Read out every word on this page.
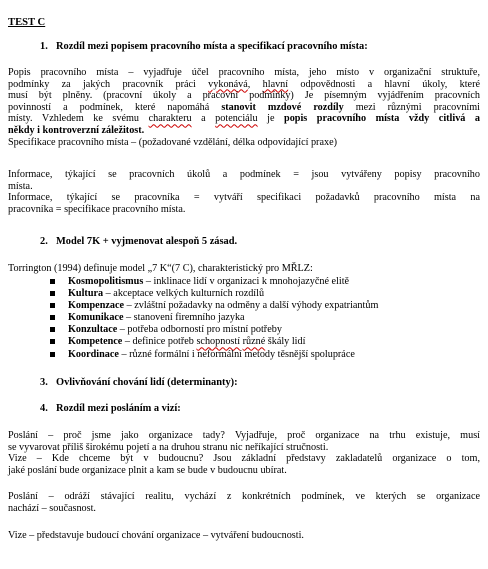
TEST C
1. Rozdíl mezi popisem pracovního místa a specifikací pracovního místa:
Popis pracovního místa – vyjadřuje účel pracovního místa, jeho místo v organizační struktuře,
podmínky za jakých pracovník práci vykonává, hlavní odpovědnosti a hlavní úkoly, které
musí být plněny. (pracovní úkoly a pracovní podmínky) Je písemným vyjádřením pracovních
povinností a podmínek, které napomáhá stanovit mzdové rozdíly mezi různými pracovními
místy. Vzhledem ke svému charakteru a potenciálu je popis pracovního místa vždy citlivá a
někdy i kontroverzní záležitost.
Specifikace pracovního místa – (požadované vzdělání, délka odpovídající praxe)
Informace, týkající se pracovních úkolů a podmínek = jsou vytvářeny popisy pracovního
místa.
Informace, týkající se pracovníka = vytváří specifikaci požadavků pracovního místa na
pracovníka = specifikace pracovního místa.
2. Model 7K + vyjmenovat alespoň 5 zásad.
Torrington (1994) definuje model „7 K“(7 C), charakteristický pro MŘLZ:
Kosmopolitismus – inklinace lidí v organizaci k mnohojazyčné elitě
Kultura – akceptace velkých kulturních rozdílů
Kompenzace – zvláštní požadavky na odměny a další výhody expatriantům
Komunikace – stanovení firemního jazyka
Konzultace – potřeba odborností pro místní potřeby
Kompetence – definice potřeb schopností různé škály lidí
Koordinace – různé formální i neformální metody těsnější spolupráce
3. Ovlivňování chování lidí (determinanty):
4. Rozdíl mezi posláním a vizí:
Poslání – proč jsme jako organizace tady? Vyjadřuje, proč organizace na trhu existuje, musí
se vyvarovat příliš širokému pojetí a na druhou stranu nic neříkající stručnosti.
Vize – Kde chceme být v budoucnu? Jsou základní představy zakladatelů organizace o tom,
jaké poslání bude organizace plnit a kam se bude v budoucnu ubírat.
Poslání – odráží stávající realitu, vychází z konkrétních podmínek, ve kterých se organizace
nachází – současnost.
Vize – představuje budoucí chování organizace – vytváření budoucnosti.
